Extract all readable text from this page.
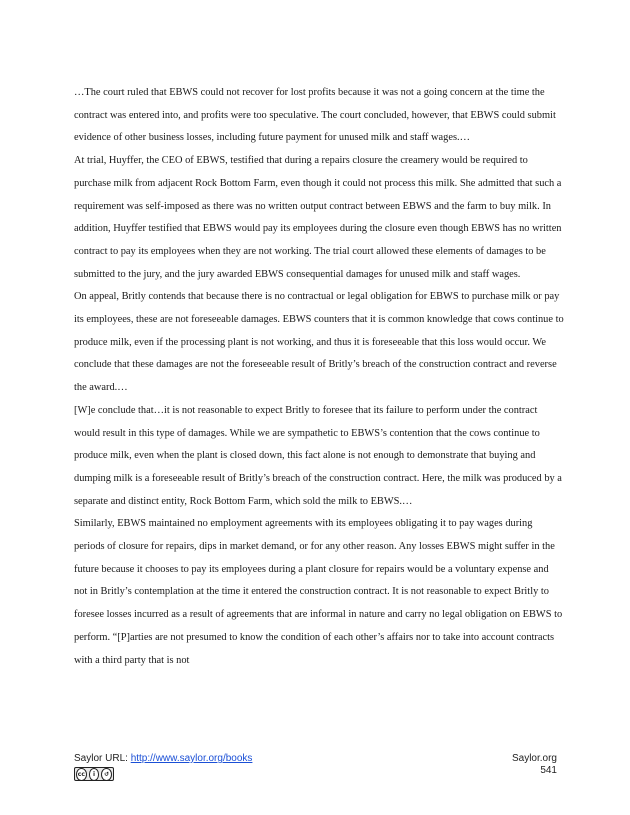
…The court ruled that EBWS could not recover for lost profits because it was not a going concern at the time the contract was entered into, and profits were too speculative. The court concluded, however, that EBWS could submit evidence of other business losses, including future payment for unused milk and staff wages.…

At trial, Huyffer, the CEO of EBWS, testified that during a repairs closure the creamery would be required to purchase milk from adjacent Rock Bottom Farm, even though it could not process this milk. She admitted that such a requirement was self-imposed as there was no written output contract between EBWS and the farm to buy milk. In addition, Huyffer testified that EBWS would pay its employees during the closure even though EBWS has no written contract to pay its employees when they are not working. The trial court allowed these elements of damages to be submitted to the jury, and the jury awarded EBWS consequential damages for unused milk and staff wages.

On appeal, Britly contends that because there is no contractual or legal obligation for EBWS to purchase milk or pay its employees, these are not foreseeable damages. EBWS counters that it is common knowledge that cows continue to produce milk, even if the processing plant is not working, and thus it is foreseeable that this loss would occur. We conclude that these damages are not the foreseeable result of Britly’s breach of the construction contract and reverse the award.…

[W]e conclude that…it is not reasonable to expect Britly to foresee that its failure to perform under the contract would result in this type of damages. While we are sympathetic to EBWS’s contention that the cows continue to produce milk, even when the plant is closed down, this fact alone is not enough to demonstrate that buying and dumping milk is a foreseeable result of Britly’s breach of the construction contract. Here, the milk was produced by a separate and distinct entity, Rock Bottom Farm, which sold the milk to EBWS.…

Similarly, EBWS maintained no employment agreements with its employees obligating it to pay wages during periods of closure for repairs, dips in market demand, or for any other reason. Any losses EBWS might suffer in the future because it chooses to pay its employees during a plant closure for repairs would be a voluntary expense and not in Britly’s contemplation at the time it entered the construction contract. It is not reasonable to expect Britly to foresee losses incurred as a result of agreements that are informal in nature and carry no legal obligation on EBWS to perform. “[P]arties are not presumed to know the condition of each other’s affairs nor to take into account contracts with a third party that is not

Saylor URL: http://www.saylor.org/books
cc	i	↺
Saylor.org
541
